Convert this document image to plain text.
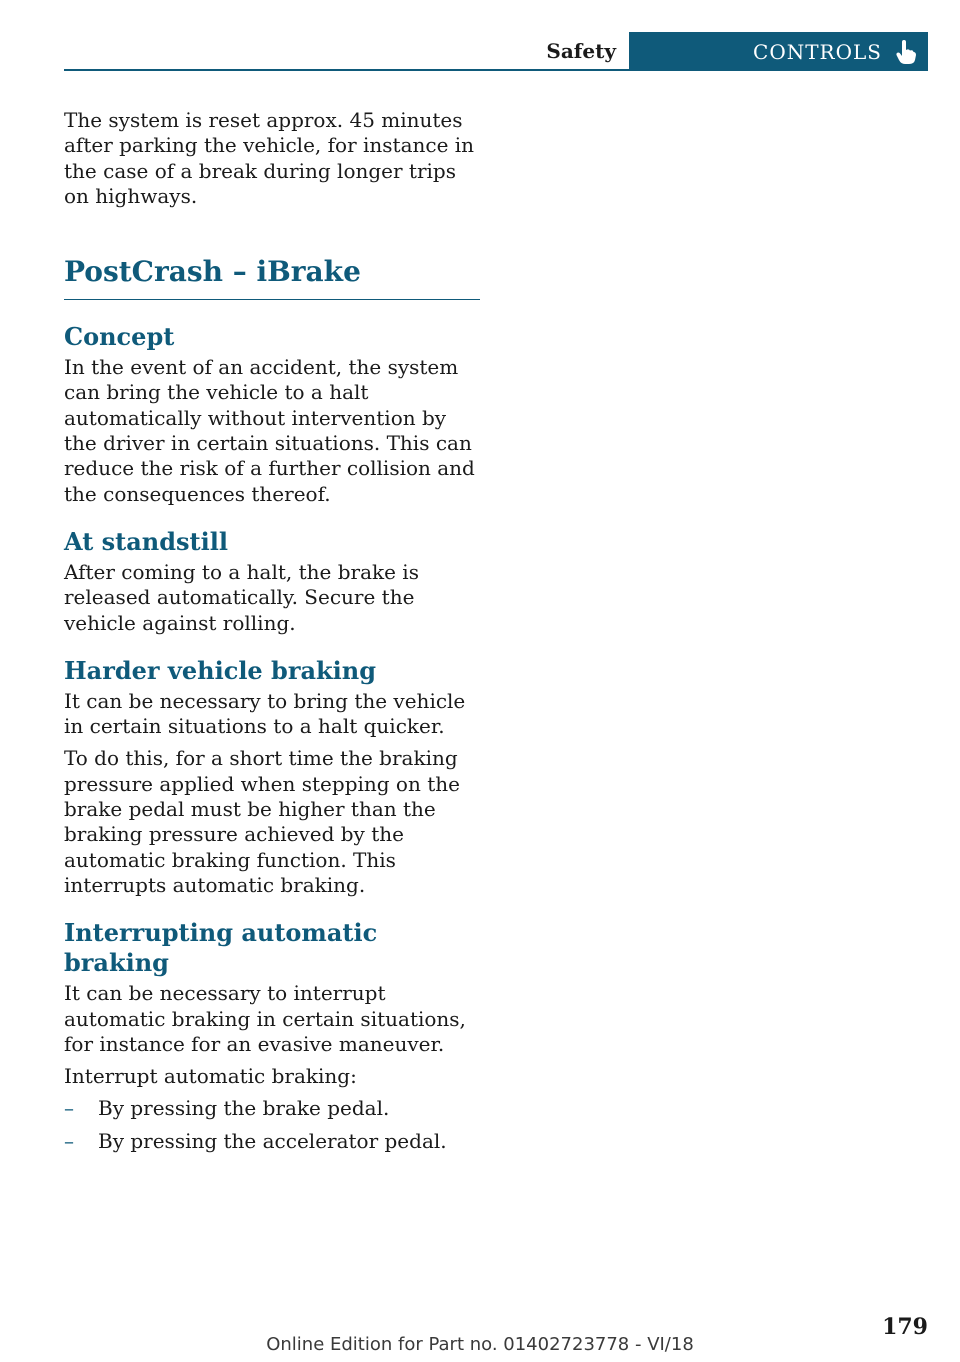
Safety	CONTROLS

The system is reset approx. 45 minutes after parking the vehicle, for instance in the case of a break during longer trips on highways.

PostCrash – iBrake
Concept

In the event of an accident, the system can bring the vehicle to a halt automatically without intervention by the driver in certain situations. This can reduce the risk of a further collision and the consequences thereof.

At standstill

After coming to a halt, the brake is released automatically. Secure the vehicle against rolling.

Harder vehicle braking

It can be necessary to bring the vehicle in certain situations to a halt quicker.

To do this, for a short time the braking pressure applied when stepping on the brake pedal must be higher than the braking pressure achieved by the automatic braking function. This interrupts automatic braking.

Interrupting automatic braking

It can be necessary to interrupt automatic braking in certain situations, for instance for an evasive maneuver.

Interrupt automatic braking:

– By pressing the brake pedal.
– By pressing the accelerator pedal.
179
Online Edition for Part no. 01402723778 - VI/18
